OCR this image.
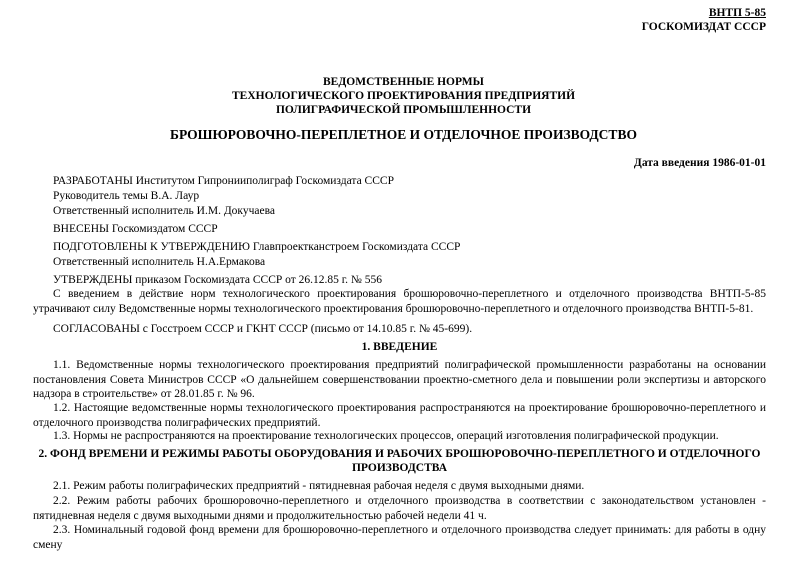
ВНТП 5-85
ГОСКОМИЗДАТ СССР
ВЕДОМСТВЕННЫЕ НОРМЫ
ТЕХНОЛОГИЧЕСКОГО ПРОЕКТИРОВАНИЯ ПРЕДПРИЯТИЙ
ПОЛИГРАФИЧЕСКОЙ ПРОМЫШЛЕННОСТИ
БРОШЮРОВОЧНО-ПЕРЕПЛЕТНОЕ И ОТДЕЛОЧНОЕ ПРОИЗВОДСТВО
Дата введения 1986-01-01
РАЗРАБОТАНЫ Институтом Гипронииполиграф Госкомиздата СССР
Руководитель темы В.А. Лаур
Ответственный исполнитель И.М. Докучаева
ВНЕСЕНЫ Госкомиздатом СССР
ПОДГОТОВЛЕНЫ К УТВЕРЖДЕНИЮ Главпроектканстроем Госкомиздата СССР
Ответственный исполнитель Н.А.Ермакова
УТВЕРЖДЕНЫ приказом Госкомиздата СССР от 26.12.85 г. № 556
С введением в действие норм технологического проектирования брошюровочно-переплетного и отделочного производства ВНТП-5-85 утрачивают силу Ведомственные нормы технологического проектирования брошюровочно-переплетного и отделочного производства ВНТП-5-81.
СОГЛАСОВАНЫ с Госстроем СССР и ГКНТ СССР (письмо от 14.10.85 г. № 45-699).
1. ВВЕДЕНИЕ
1.1. Ведомственные нормы технологического проектирования предприятий полиграфической промышленности разработаны на основании постановления Совета Министров СССР «О дальнейшем совершенствовании проектно-сметного дела и повышении роли экспертизы и авторского надзора в строительстве» от 28.01.85 г. № 96.
1.2. Настоящие ведомственные нормы технологического проектирования распространяются на проектирование брошюровочно-переплетного и отделочного производства полиграфических предприятий.
1.3. Нормы не распространяются на проектирование технологических процессов, операций изготовления полиграфической продукции.
2. ФОНД ВРЕМЕНИ И РЕЖИМЫ РАБОТЫ ОБОРУДОВАНИЯ И РАБОЧИХ БРОШЮРОВОЧНО-ПЕРЕПЛЕТНОГО И ОТДЕЛОЧНОГО
ПРОИЗВОДСТВА
2.1. Режим работы полиграфических предприятий - пятидневная рабочая неделя с двумя выходными днями.
2.2. Режим работы рабочих брошюровочно-переплетного и отделочного производства в соответствии с законодательством установлен - пятидневная неделя с двумя выходными днями и продолжительностью рабочей недели 41 ч.
2.3. Номинальный годовой фонд времени для брошюровочно-переплетного и отделочного производства следует принимать: для работы в одну смену
